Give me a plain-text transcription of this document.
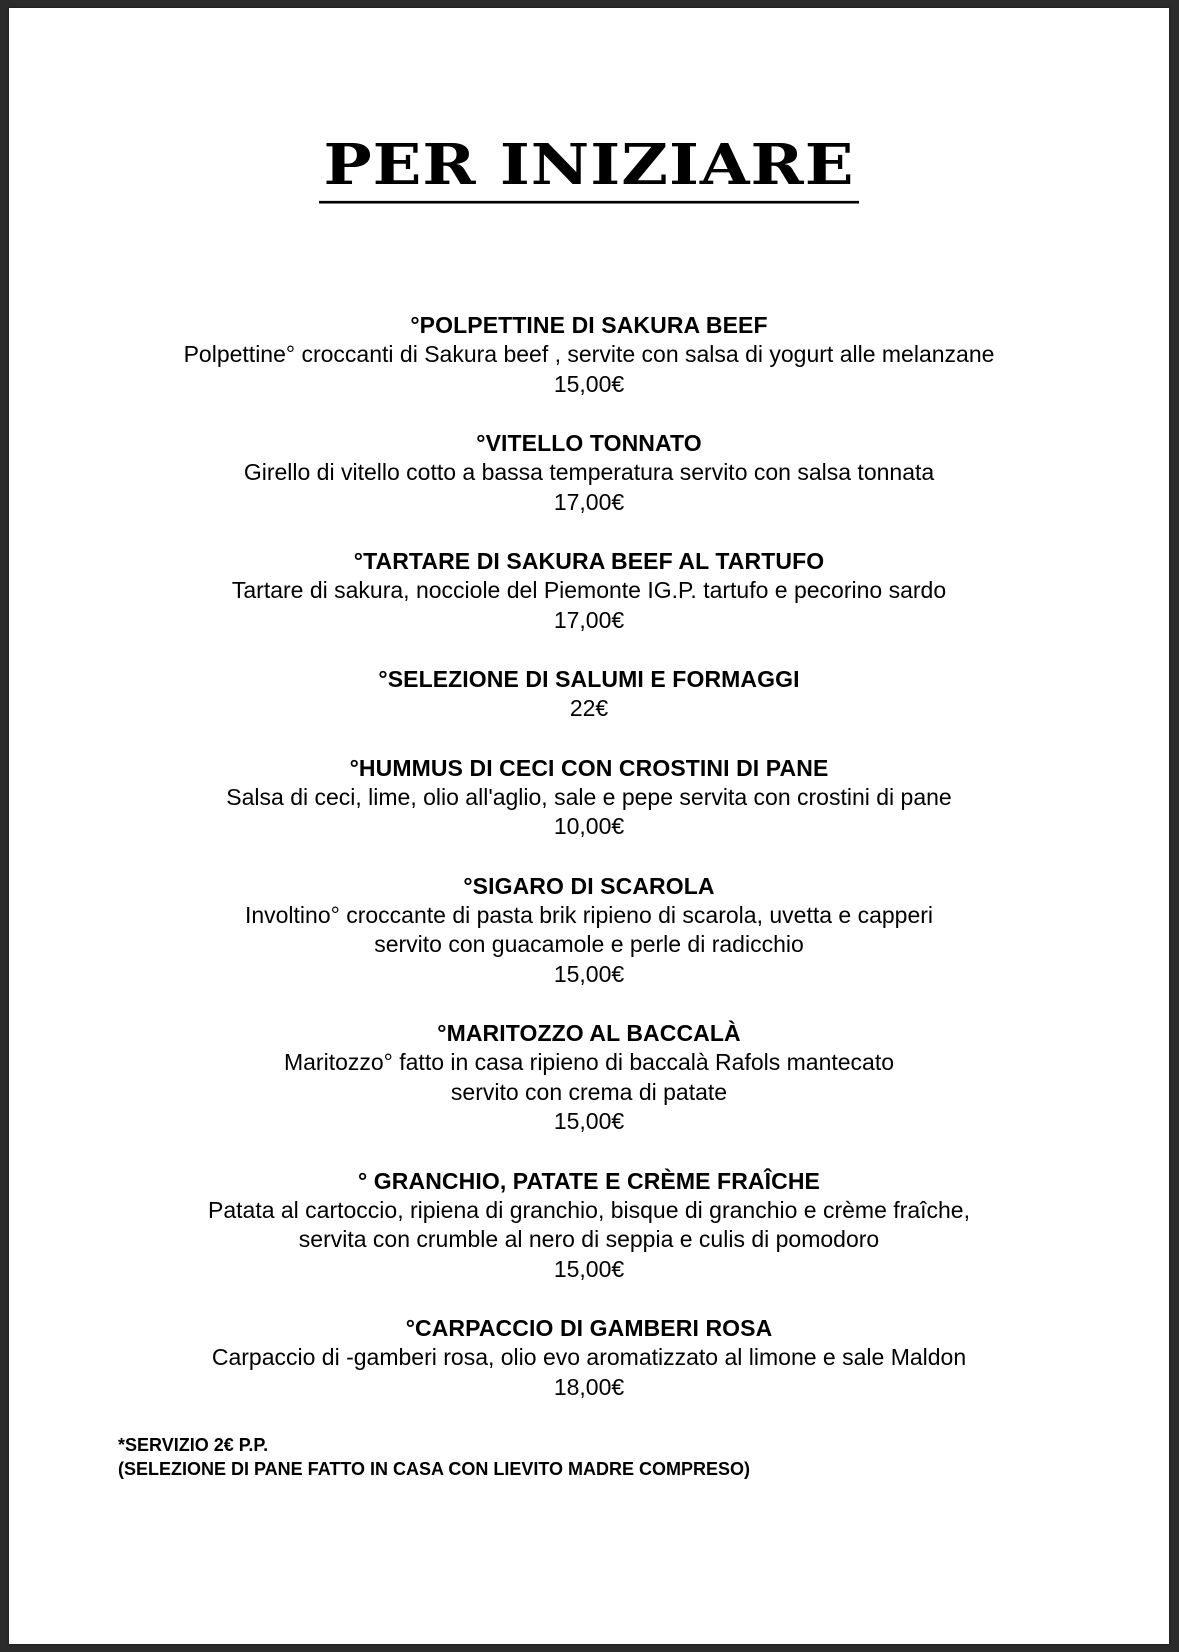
PER INIZIARE
°POLPETTINE DI SAKURA BEEF
Polpettine° croccanti di Sakura beef , servite con salsa di yogurt alle melanzane
15,00€
°VITELLO TONNATO
Girello di vitello cotto a bassa temperatura servito con salsa tonnata
17,00€
°TARTARE DI SAKURA BEEF AL TARTUFO
Tartare di sakura, nocciole del Piemonte IG.P. tartufo e pecorino sardo
17,00€
°SELEZIONE DI SALUMI E FORMAGGI
22€
°HUMMUS DI CECI CON CROSTINI DI PANE
Salsa di ceci, lime, olio all'aglio, sale e pepe servita con crostini di pane
10,00€
°SIGARO DI SCAROLA
Involtino° croccante di pasta brik ripieno di scarola, uvetta e capperi
servito con guacamole e perle di radicchio
15,00€
°MARITOZZO AL BACCALÀ
Maritozzo° fatto in casa ripieno di baccalà Rafols mantecato
servito con crema di patate
15,00€
° GRANCHIO, PATATE E CRÈME FRAÎCHE
Patata al cartoccio, ripiena di granchio, bisque di granchio e crème fraîche,
servita con crumble al nero di seppia e culis di pomodoro
15,00€
°CARPACCIO DI GAMBERI ROSA
Carpaccio di -gamberi rosa, olio evo aromatizzato al limone e sale Maldon
18,00€
*SERVIZIO 2€ P.P.
(SELEZIONE DI PANE FATTO IN CASA CON LIEVITO MADRE COMPRESO)
